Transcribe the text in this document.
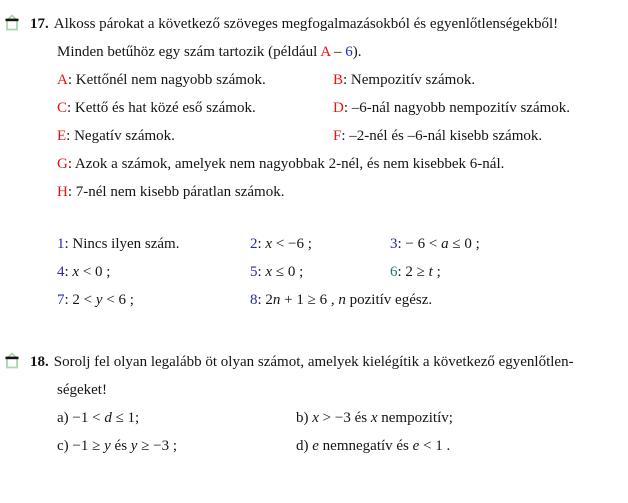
17. Alkoss párokat a következő szöveges megfogalmazásokból és egyenlőtlenségekből!
Minden betűhöz egy szám tartozik (például A – 6).
A: Kettőnél nem nagyobb számok.	B: Nempozitív számok.
C: Kettő és hat közé eső számok.	D: –6-nál nagyobb nempozitív számok.
E: Negatív számok.	F: –2-nél és –6-nál kisebb számok.
G: Azok a számok, amelyek nem nagyobbak 2-nél, és nem kisebbek 6-nál.
H: 7-nél nem kisebb páratlan számok.
1: Nincs ilyen szám.	2: x < −6 ;	3: − 6 < a ≤ 0 ;
4: x < 0 ;	5: x ≤ 0 ;	6: 2 ≥ t ;
7: 2 < y < 6 ;	8: 2n + 1 ≥ 6 , n pozitív egész.
18. Sorolj fel olyan legalább öt olyan számot, amelyek kielégítik a következő egyenlőtlen-
ségeket!
a) −1 < d ≤ 1;	b) x > −3 és x nempozitív;
c) −1 ≥ y és y ≥ −3 ;	d) e nemnegatív és e < 1 .
